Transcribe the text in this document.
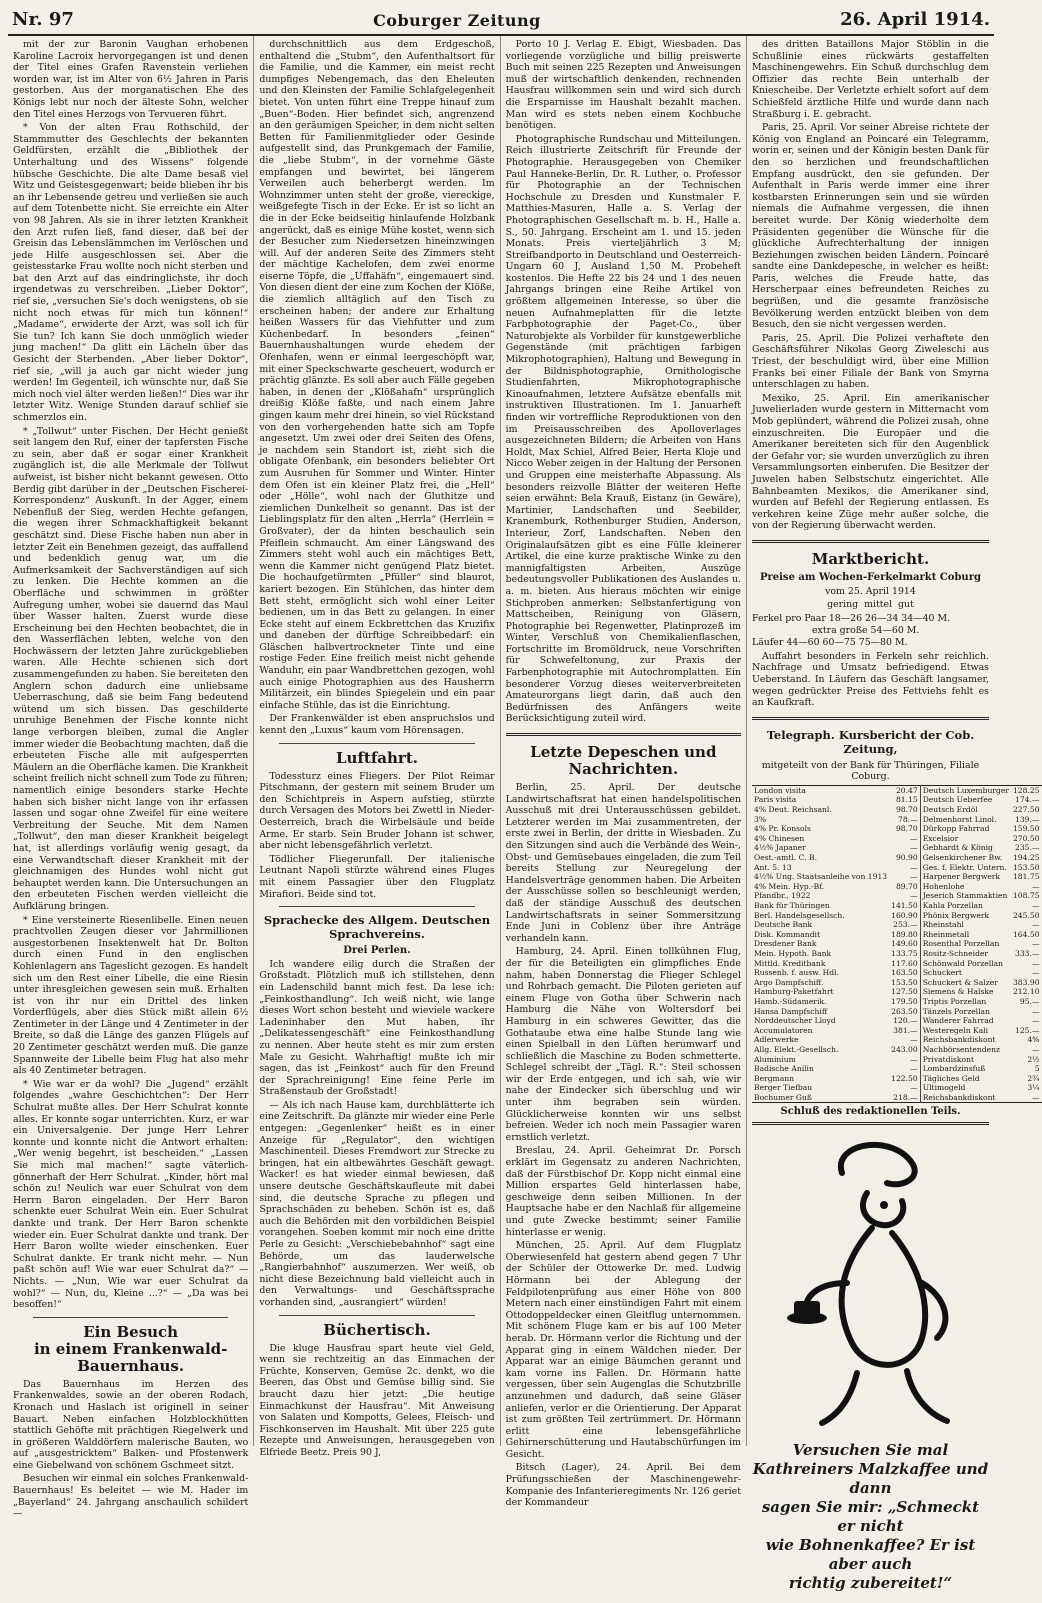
Nr. 97	Coburger Zeitung	26. April 1914.

mit der zur Baronin Vaughan erhobenen Karoline Lacroix hervorgegangen ist und denen der Titel eines Grafen Ravenstein verliehen worden war, ist im Alter von 6½ Jahren in Paris gestorben. Aus der morganatischen Ehe des Königs lebt nur noch der älteste Sohn, welcher den Titel eines Herzogs von Tervueren führt.

* Von der alten Frau Rothschild, der Stammmutter des Geschlechts der bekannten Geldfürsten, erzählt die „Bibliothek der Unterhaltung und des Wissens“ folgende hübsche Geschichte. Die alte Dame besaß viel Witz und Geistesgegenwart; beide blieben ihr bis an ihr Lebensende getreu und verließen sie auch auf dem Totenbette nicht. Sie erreichte ein Alter von 98 Jahren. Als sie in ihrer letzten Krankheit den Arzt rufen ließ, fand dieser, daß bei der Greisin das Lebenslämmchen im Verlöschen und jede Hilfe ausgeschlossen sei. Aber die geistesstarke Frau wollte noch nicht sterben und bat den Arzt auf das eindringlichste, ihr doch irgendetwas zu verschreiben. „Lieber Doktor“, rief sie, „versuchen Sie's doch wenigstens, ob sie nicht noch etwas für mich tun können!“ „Madame“, erwiderte der Arzt, was soll ich für Sie tun? Ich kann Sie doch unmöglich wieder jung machen!“ Da glitt ein Lächeln über das Gesicht der Sterbenden. „Aber lieber Doktor“, rief sie, „will ja auch gar nicht wieder jung werden! Im Gegenteil, ich wünschte nur, daß Sie mich noch viel älter werden ließen!“ Dies war ihr letzter Witz. Wenige Stunden darauf schlief sie schmerzlos ein.

* „Tollwut“ unter Fischen. Der Hecht genießt seit langem den Ruf, einer der tapfersten Fische zu sein, aber daß er sogar einer Krankheit zugänglich ist, die alle Merkmale der Tollwut aufweist, ist bisher nicht bekannt gewesen. Otto Berdig gibt darüber in der „Deutschen Fischerei-Korrespondenz“ Auskunft. In der Agger, einem Nebenfluß der Sieg, werden Hechte gefangen, die wegen ihrer Schmackhaftigkeit bekannt geschätzt sind. Diese Fische haben nun aber in letzter Zeit ein Benehmen gezeigt, das auffallend und bedenklich genug war, um die Aufmerksamkeit der Sachverständigen auf sich zu lenken. Die Hechte kommen an die Oberfläche und schwimmen in größter Aufregung umher, wobei sie dauernd das Maul über Wasser halten. Zuerst wurde diese Erscheinung bei den Hechten beobachtet, die in den Wasserflächen lebten, welche von den Hochwässern der letzten Jahre zurückgeblieben waren. Alle Hechte schienen sich dort zusammengefunden zu haben. Sie bereiteten den Anglern schon dadurch eine unliebsame Ueberraschung, daß sie beim Fang bedeutend wütend um sich bissen. Das geschilderte unruhige Benehmen der Fische konnte nicht lange verborgen bleiben, zumal die Angler immer wieder die Beobachtung machten, daß die erbeuteten Fische alle mit aufgesperrten Mäulern an die Oberfläche kamen. Die Krankheit scheint freilich nicht schnell zum Tode zu führen; namentlich einige besonders starke Hechte haben sich bisher nicht lange von ihr erfassen lassen und sogar ohne Zweifel für eine weitere Verbreitung der Seuche. Mit dem Namen „Tollwut“, den man dieser Krankheit beigelegt hat, ist allerdings vorläufig wenig gesagt, da eine Verwandtschaft dieser Krankheit mit der gleichnamigen des Hundes wohl nicht gut behauptet werden kann. Die Untersuchungen an den erbeuteten Fischen werden vielleicht die Aufklärung bringen.

* Eine versteinerte Riesenlibelle. Einen neuen prachtvollen Zeugen dieser vor Jahrmillionen ausgestorbenen Insektenwelt hat Dr. Bolton durch einen Fund in den englischen Kohlenlagern ans Tageslicht gezogen. Es handelt sich um den Rest einer Libelle, die eine Riesin unter ihresgleichen gewesen sein muß. Erhalten ist von ihr nur ein Drittel des linken Vorderflügels, aber dies Stück mißt allein 6½ Zentimeter in der Länge und 4 Zentimeter in der Breite, so daß die Länge des ganzen Flügels auf 20 Zentimeter geschätzt werden muß. Die ganze Spannweite der Libelle beim Flug hat also mehr als 40 Zentimeter betragen.

* Wie war er da wohl? Die „Jugend“ erzählt folgendes „wahre Geschichtchen“: Der Herr Schulrat mußte alles. Der Herr Schulrat konnte alles. Er konnte sogar unterrichten. Kurz, er war ein Universalgenie. Der junge Herr Lehrer konnte und konnte nicht die Antwort erhalten: „Wer wenig begehrt, ist bescheiden.“ „Lassen Sie mich mal machen!“ sagte väterlich-gönnerhaft der Herr Schulrat. „Kinder, hört mal schön zu! Neulich war euer Schulrat von dem Herrn Baron eingeladen. Der Herr Baron schenkte euer Schulrat Wein ein. Euer Schulrat dankte und trank. Der Herr Baron schenkte wieder ein. Euer Schulrat dankte und trank. Der Herr Baron wollte wieder einschenken. Euer Schulrat dankte. Er trank nicht mehr. — Nun paßt schön auf! Wie war euer Schulrat da?“ — Nichts. — „Nun, Wie war euer Schulrat da wohl?“ — Nun, du, Kleine ...?“ — „Da was bei besoffen!“

Ein Besuch
in einem Frankenwald-Bauernhaus.

Das Bauernhaus im Herzen des Frankenwaldes, sowie an der oberen Rodach, Kronach und Haslach ist originell in seiner Bauart. Neben einfachen Holzblockhütten stattlich Gehöfte mit prächtigen Riegelwerk und in größeren Walddörfern malerische Bauten, wo auf „ausgestricktem“ Balken- und Pfostenwerk eine Giebelwand von schönem Gschmeet sitzt.

Besuchen wir einmal ein solches Frankenwald-Bauernhaus! Es beleitet — wie M. Hader im „Bayerland“ 24. Jahrgang anschaulich schildert —

durchschnittlich aus dem Erdgeschoß, enthaltend die „Stubm“, den Aufenthaltsort für die Familie, und die Kammer, ein meist recht dumpfiges Nebengemach, das den Eheleuten und den Kleinsten der Familie Schlafgelegenheit bietet. Von unten führt eine Treppe hinauf zum „Buen“-Boden. Hier befindet sich, angrenzend an den geräumigen Speicher, in dem nicht selten Betten für Familienmitglieder oder Gesinde aufgestellt sind, das Prunkgemach der Familie, die „liebe Stubm“, in der vornehme Gäste empfangen und bewirtet, bei längerem Verweilen auch beherbergt werden. Im Wohnzimmer unten steht der große, viereckige, weißgefegte Tisch in der Ecke. Er ist so licht an die in der Ecke beidseitig hinlaufende Holzbank angerückt, daß es einige Mühe kostet, wenn sich der Besucher zum Niedersetzen hineinzwingen will. Auf der anderen Seite des Zimmers steht der mächtige Kachelofen, dem zwei enorme eiserne Töpfe, die „Uffahäfn“, eingemauert sind. Von diesen dient der eine zum Kochen der Klöße, die ziemlich alltäglich auf den Tisch zu erscheinen haben; der andere zur Erhaltung heißen Wassers für das Viehfutter und zum Küchenbedarf. In besonders „feinen“ Bauernhaushaltungen wurde ehedem der Ofenhafen, wenn er einmal leergeschöpft war, mit einer Speckschwarte gescheuert, wodurch er prächtig glänzte. Es soll aber auch Fälle gegeben haben, in denen der „Klößahafn“ ursprünglich dreißig Klöße faßte, und nach einem Jahre gingen kaum mehr drei hinein, so viel Rückstand von den vorhergehenden hatte sich am Topfe angesetzt. Um zwei oder drei Seiten des Ofens, je nachdem sein Standort ist, zieht sich die obligate Ofenbank, ein besonders beliebter Ort zum Ausruhen für Sommer und Winter. Hinter dem Ofen ist ein kleiner Platz frei, die „Hell“ oder „Hölle“, wohl nach der Gluthitze und ziemlichen Dunkelheit so genannt. Das ist der Lieblingsplatz für den alten „Herrla“ (Herrlein = Großvater), der da hinten beschaulich sein Pfeiflein schmaucht. Am einer Längswand des Zimmers steht wohl auch ein mächtiges Bett, wenn die Kammer nicht genügend Platz bietet. Die hochaufgetürmten „Pfüller“ sind blaurot, kariert bezogen. Ein Stühlchen, das hinter dem Bett steht, ermöglicht sich wohl einer Leiter bedienen, um in das Bett zu gelangen. In einer Ecke steht auf einem Eckbrettchen das Kruzifix und daneben der dürftige Schreibbedarf: ein Gläschen halbvertrockneter Tinte und eine rostige Feder. Eine freilich meist nicht gehende Wanduhr, ein paar Wandbrettchen gezogen, wohl auch einige Photographien aus des Hausherrn Militärzeit, ein blindes Spiegelein und ein paar einfache Stühle, das ist die Einrichtung.

Der Frankenwälder ist eben anspruchslos und kennt den „Luxus“ kaum vom Hörensagen.

Luftfahrt.

Todessturz eines Fliegers. Der Pilot Reimar Pitschmann, der gestern mit seinem Bruder um den Schichtpreis in Aspern aufstieg, stürzte durch Versagen des Motors bei Zwettl in Nieder-Oesterreich, brach die Wirbelsäule und beide Arme. Er starb. Sein Bruder Johann ist schwer, aber nicht lebensgefährlich verletzt.

Tödlicher Fliegerunfall. Der italienische Leutnant Napoli stürzte während eines Fluges mit einem Passagier über den Flugplatz Mirafiori. Beide sind tot.

Sprachecke des Allgem. Deutschen Sprachvereins.
Drei Perlen.

Ich wandere eilig durch die Straßen der Großstadt. Plötzlich muß ich stillstehen, denn ein Ladenschild bannt mich fest. Da lese ich: „Feinkosthandlung“. Ich weiß nicht, wie lange dieses Wort schon besteht und wieviele wackere Ladeninhaber den Mut haben, ihr „Delikatessengeschäft“ eine Feinkosthandlung zu nennen. Aber heute steht es mir zum ersten Male zu Gesicht. Wahrhaftig! mußte ich mir sagen, das ist „Feinkost“ auch für den Freund der Sprachreinigung! Eine feine Perle im Straßenstaub der Großstadt!

— Als ich nach Hause kam, durchblätterte ich eine Zeitschrift. Da glänzte mir wieder eine Perle entgegen: „Gegenlenker“ heißt es in einer Anzeige für „Regulator“, den wichtigen Maschinenteil. Dieses Fremdwort zur Strecke zu bringen, hat ein altbewährtes Geschäft gewagt. Wacker! es hat wieder einmal bewiesen, daß unsere deutsche Geschäftskaufleute mit dabei sind, die deutsche Sprache zu pflegen und Sprachschäden zu beheben. Schön ist es, daß auch die Behörden mit den vorbildichen Beispiel vorangehen. Soeben kommt mir noch eine dritte Perle zu Gesicht: „Verschiebebahnhof“ sagt eine Behörde, um das lauderwelsche „Rangierbahnhof“ auszumerzen. Wer weiß, ob nicht diese Bezeichnung bald vielleicht auch in den Verwaltungs- und Geschäftssprache vorhanden sind, „ausrangiert“ würden!

Büchertisch.

Die kluge Hausfrau spart heute viel Geld, wenn sie rechtzeitig an das Einmachen der Früchte, Konserven, Gemüse 2c. denkt, wo die Beeren, das Obst und Gemüse billig sind. Sie braucht dazu hier jetzt: „Die heutige Einmachkunst der Hausfrau“. Mit Anweisung von Salaten und Kompotts, Gelees, Fleisch- und Fischkonserven im Haushalt. Mit über 225 gute Rezepte und Anweisungen, herausgegeben von Elfriede Beetz. Preis 90 J,

Porto 10 J. Verlag E. Ebigt, Wiesbaden. Das vorliegende vorzügliche und billig preiswerte Buch mit seinen 225 Rezepten und Anweisungen muß der wirtschaftlich denkenden, rechnenden Hausfrau willkommen sein und wird sich durch die Ersparnisse im Haushalt bezahlt machen. Man wird es stets neben einem Kochbuche benötigen.

Photographische Rundschau und Mitteilungen. Reich illustrierte Zeitschrift für Freunde der Photographie. Herausgegeben von Chemiker Paul Hanneke-Berlin, Dr. R. Luther, o. Professor für Photographie an der Technischen Hochschule zu Dresden und Kunstmaler F. Matthies-Masuren, Halle a. S. Verlag der Photographischen Gesellschaft m. b. H., Halle a. S., 50. Jahrgang. Erscheint am 1. und 15. jeden Monats. Preis vierteljährlich 3 M; Streifbandporto in Deutschland und Oesterreich-Ungarn 60 J, Ausland 1,50 M. Probeheft kostenlos. Die Hefte 22 bis 24 und 1 des neuen Jahrgangs bringen eine Reihe Artikel von größtem allgemeinen Interesse, so über die neuen Aufnahmeplatten für die letzte Farbphotographie der Paget-Co., über Naturobjekte als Vorbilder für kunstgewerbliche Gegenstände (mit prächtigen farbigen Mikrophotographien), Haltung und Bewegung in der Bildnisphotographie, Ornithologische Studienfahrten, Mikrophotographische Kinoaufnahmen, letztere Aufsätze ebenfalls mit instruktiven Illustrationen. Im 1. Januarheft finden wir vortreffliche Reproduktionen von den im Preisausschreiben des Apolloverlages ausgezeichneten Bildern; die Arbeiten von Hans Holdt, Max Schiel, Alfred Beier, Herta Kloje und Nicco Weber zeigen in der Haltung der Personen und Gruppen eine meisterhafte Abpassung. Als besonders reizvolle Blätter der weiteren Hefte seien erwähnt: Bela Krauß, Eistanz (in Gewäre), Martinier, Landschaften und Seebilder, Kranemburk, Rothenburger Studien, Anderson, Interieur, Zorf, Landschaften. Neben den Originalaufsätzen gibt es eine Fülle kleinerer Artikel, die eine kurze praktische Winke zu den mannigfaltigsten Arbeiten, Auszüge bedeutungsvoller Publikationen des Auslandes u. a. m. bieten. Aus hieraus möchten wir einige Stichproben anmerken: Selbstanfertigung von Mattscheiben, Reinigung von Gläsern, Photographie bei Regenwetter, Platinprozeß im Winter, Verschluß von Chemikalienflaschen, Fortschritte im Bromöldruck, neue Vorschriften für Schwefeltonung, zur Praxis der Farbenphotographie mit Autochromplatten. Ein besonderer Vorzug dieses weiterverbreiteten Amateurorgans liegt darin, daß auch den Bedürfnissen des Anfängers weite Berücksichtigung zuteil wird.

Letzte Depeschen und Nachrichten.

Berlin, 25. April. Der deutsche Landwirtschaftsrat hat einen handelspolitischen Ausschuß mit drei Unterausschüssen gebildet. Letzterer werden im Mai zusammentreten, der erste zwei in Berlin, der dritte in Wiesbaden. Zu den Sitzungen sind auch die Verbände des Wein-, Obst- und Gemüsebaues eingeladen, die zum Teil bereits Stellung zur Neuregelung der Handelsverträge genommen haben. Die Arbeiten der Ausschüsse sollen so beschleunigt werden, daß der ständige Ausschuß des deutschen Landwirtschaftsrats in seiner Sommersitzung Ende Juni in Coblenz über ihre Anträge verhandeln kann.

Hamburg, 24. April. Einen tollkühnen Flug, der für die Beteiligten ein glimpfliches Ende nahm, haben Donnerstag die Flieger Schlegel und Rohrbach gemacht. Die Piloten gerieten auf einem Fluge von Gotha über Schwerin nach Hamburg die Nähe von Woltersdorf bei Hamburg in ein schweres Gewitter, das die Gothataube etwa eine halbe Stunde lang wie einen Spielball in den Lüften herumwarf und schließlich die Maschine zu Boden schmetterte. Schlegel schreibt der „Tägl. R.“: Steil schossen wir der Erde entgegen, und ich sah, wie wir nahe der Eindecker sich überschlug und wir unter ihm begraben sein würden. Glücklicherweise konnten wir uns selbst befreien. Weder ich noch mein Passagier waren ernstlich verletzt.

Breslau, 24. April. Geheimrat Dr. Porsch erklärt im Gegensatz zu anderen Nachrichten, daß der Fürstbischof Dr. Kopp nicht einmal eine Million erspartes Geld hinterlassen habe, geschweige denn seiben Millionen. In der Hauptsache habe er den Nachlaß für allgemeine und gute Zwecke bestimmt; seiner Familie hinterlasse er wenig.

München, 25. April. Auf dem Flugplatz Oberwiesenfeld hat gestern abend gegen 7 Uhr der Schüler der Ottowerke Dr. med. Ludwig Hörmann bei der Ablegung der Feldpilotenprüfung aus einer Höhe von 800 Metern nach einer einstündigen Fahrt mit einem Ottodoppeldecker einen Gleitflug unternommen. Mit schönem Fluge kam er bis auf 100 Meter herab. Dr. Hörmann verlor die Richtung und der Apparat ging in einem Wäldchen nieder. Der Apparat war an einige Bäumchen gerannt und kam vorne ins Fallen. Dr. Hörmann hatte vergessen, über sein Augenglas die Schutzbrille anzunehmen und dadurch, daß seine Gläser anliefen, verlor er die Orientierung. Der Apparat ist zum größten Teil zertrümmert. Dr. Hörmann erlitt eine lebensgefährliche Gehirnerschütterung und Hautabschürfungen im Gesicht.

Bitsch (Lager), 24. April. Bei dem Prüfungsschießen der Maschinengewehr-Kompanie des Infanterieregiments Nr. 126 geriet der Kommandeur

des dritten Bataillons Major Stöblin in die Schußlinie eines rückwärts gestaffelten Maschinengewehrs. Ein Schuß durchschlug dem Offizier das rechte Bein unterhalb der Kniescheibe. Der Verletzte erhielt sofort auf dem Schießfeld ärztliche Hilfe und wurde dann nach Straßburg i. E. gebracht.

Paris, 25. April. Vor seiner Abreise richtete der König von England an Poincaré ein Telegramm, worin er, seinen und der Königin besten Dank für den so herzlichen und freundschaftlichen Empfang ausdrückt, den sie gefunden. Der Aufenthalt in Paris werde immer eine ihrer kostbarsten Erinnerungen sein und sie würden niemals die Aufnahme vergessen, die ihnen bereitet wurde. Der König wiederholte dem Präsidenten gegenüber die Wünsche für die glückliche Aufrechterhaltung der innigen Beziehungen zwischen beiden Ländern. Poincaré sandte eine Dankdepesche, in welcher es heißt: Paris, welches die Freude hatte, das Herscherpaar eines befreundeten Reiches zu begrüßen, und die gesamte französische Bevölkerung werden entzückt bleiben von dem Besuch, den sie nicht vergessen werden.

Paris, 25. April. Die Polizei verhaftete den Geschäftsführer Nikolas Georg Ziweleschi aus Triest, der beschuldigt wird, über eine Million Franks bei einer Filiale der Bank von Smyrna unterschlagen zu haben.

Mexiko, 25. April. Ein amerikanischer Juwelierladen wurde gestern in Mitternacht vom Mob geplündert, während die Polizei zusah, ohne einzuschreiten. Die Europäer und die Amerikaner bereiteten sich für den Augenblick der Gefahr vor; sie wurden unverzüglich zu ihren Versammlungsorten einberufen. Die Besitzer der Juwelen haben Selbstschutz eingerichtet. Alle Bahnbeamten Mexikos, die Amerikaner sind, wurden auf Befehl der Regierung entlassen. Es verkehren keine Züge mehr außer solche, die von der Regierung überwacht werden.

Marktbericht.
Preise am Wochen-Ferkelmarkt Coburg
vom 25. April 1914
gering  mittel  gut
Ferkel pro Paar 18—26 26—34 34—40 M.
extra große 54—60 M.
Läufer 44—60 60—75 75—80 M.

Auffahrt besonders in Ferkeln sehr reichlich. Nachfrage und Umsatz befriedigend. Etwas Ueberstand. In Läufern das Geschäft langsamer, wegen gedrückter Preise des Fettviehs fehlt es an Kaufkraft.

Telegraph. Kursbericht der Cob. Zeitung,
mitgeteilt von der Bank für Thüringen, Filiale Coburg.
London visita	20.47	Deutsch Luxemburger	128.25
Paris visita	81.15	Deutsch Ueberfee	174.—
4% Deut. Reichsanl.	98.70	Deutsch Erdöl	227.50
3%	78.—	Delmenhorst Linol.	139.—
4% Pr. Konsols	98.70	Dürkopp Fahrrad	159.50
4% Chinesen	—	Excelsior	270.50
4½% Japaner	—	Gebhardt & König	235.—
Oest.-amtl. C. B.	90.90	Gelsenkirchener Bw.	194.25
Ant. 5. 13	—	Ges. f. Elektr. Untern.	153.50
4½% Ung. Staatsanleihe von 1913	—	Harpener Bergwerk	181.75
4% Mein. Hyp.-Bf.	89.70	Hohenlohe	—
Pfandbr., 1922	—	Jeserich Stammaktien	108.75
Bank für Thüringen	141.50	Kahla Porzellan	—
Berl. Handelsgesellsch.	160.90	Phönix Bergwerk	245.50
Deutsche Bank	253.—	Rheinstahl	—
Disk. Kommandit	189.80	Rheinmetall	164.50
Dresdener Bank	149.60	Rosenthal Porzellan	—
Mein. Hypoth. Bank	133.75	Rositz-Schneider	333.—
Mittld. Kreditbank	117.60	Schönwald Porzellan	—
Russenb. f. ausw. Hdl.	163.50	Schuckert	—
Argo Dampfschiff.	153.50	Schuckert & Salzer	383.90
Hamburg-Paketfahrt	127.50	Siemens & Halske	212.10
Hamb.-Südamerik.	179.50	Triptis Porzellan	95.—
Hansa Dampfschiff	263.50	Tänzels Porzellan	—
Norddeutscher Lloyd	120.—	Wanderer Fahrrad	—
Accumulatoren	381.—	Westeregeln Kali	125.—
Adlerwerke	—	Reichsbankdiskont	4%
Allg. Elekt.-Gesellsch.	243.00	Nachbörsentendenz	—
Aluminium	—	Privatdiskont	2½
Badische Anilin	—	Lombardzinsfuß	5
Bergmann	122.50	Tägliches Geld	2¾
Berger Tiefbau	—	Ultimogeld	3¼
Bochumer Guß	218.—	Reichsbankdiskont	—
Schluß des redaktionellen Teils.
Versuchen Sie mal
Kathreiners Malzkaffee und dann
sagen Sie mir: „Schmeckt er nicht
wie Bohnenkaffee? Er ist aber auch
richtig zubereitet!“
